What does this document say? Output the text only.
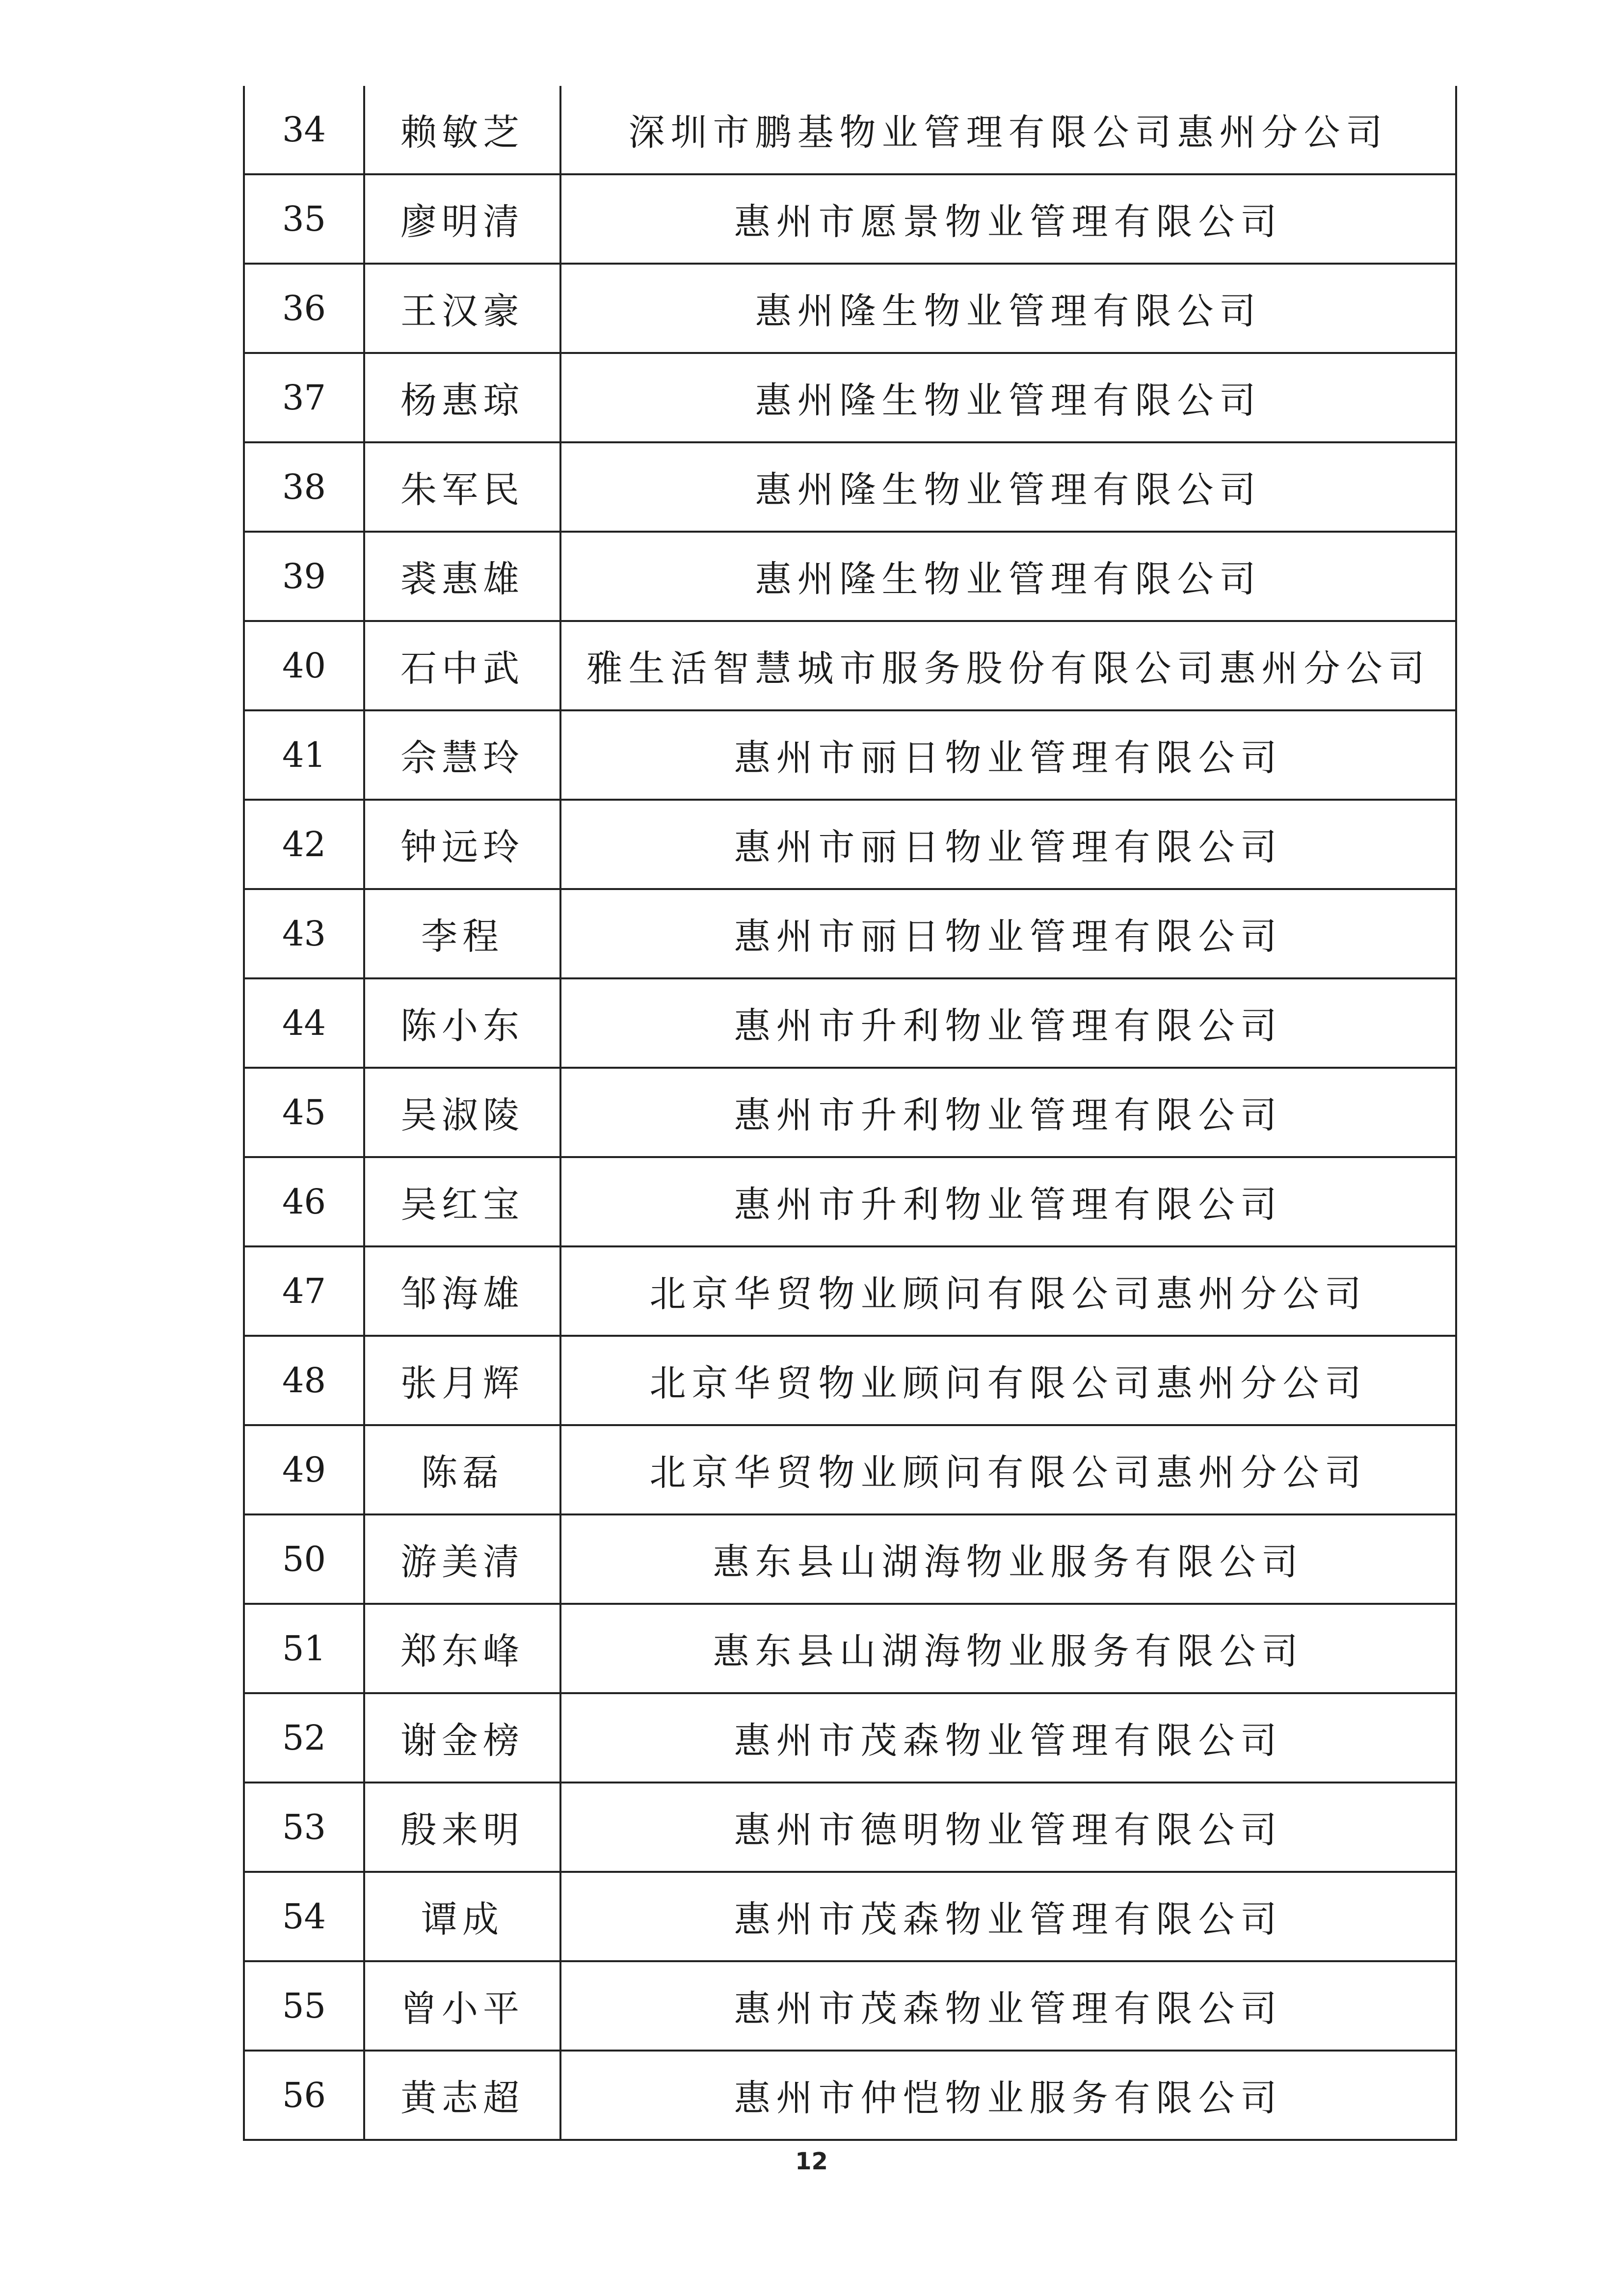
34	赖敏芝	深圳市鹏基物业管理有限公司惠州分公司
35	廖明清	惠州市愿景物业管理有限公司
36	王汉豪	惠州隆生物业管理有限公司
37	杨惠琼	惠州隆生物业管理有限公司
38	朱军民	惠州隆生物业管理有限公司
39	裘惠雄	惠州隆生物业管理有限公司
40	石中武	雅生活智慧城市服务股份有限公司惠州分公司
41	佘慧玲	惠州市丽日物业管理有限公司
42	钟远玲	惠州市丽日物业管理有限公司
43	李程	惠州市丽日物业管理有限公司
44	陈小东	惠州市升利物业管理有限公司
45	吴淑陵	惠州市升利物业管理有限公司
46	吴红宝	惠州市升利物业管理有限公司
47	邹海雄	北京华贸物业顾问有限公司惠州分公司
48	张月辉	北京华贸物业顾问有限公司惠州分公司
49	陈磊	北京华贸物业顾问有限公司惠州分公司
50	游美清	惠东县山湖海物业服务有限公司
51	郑东峰	惠东县山湖海物业服务有限公司
52	谢金榜	惠州市茂森物业管理有限公司
53	殷来明	惠州市德明物业管理有限公司
54	谭成	惠州市茂森物业管理有限公司
55	曾小平	惠州市茂森物业管理有限公司
56	黄志超	惠州市仲恺物业服务有限公司
12
